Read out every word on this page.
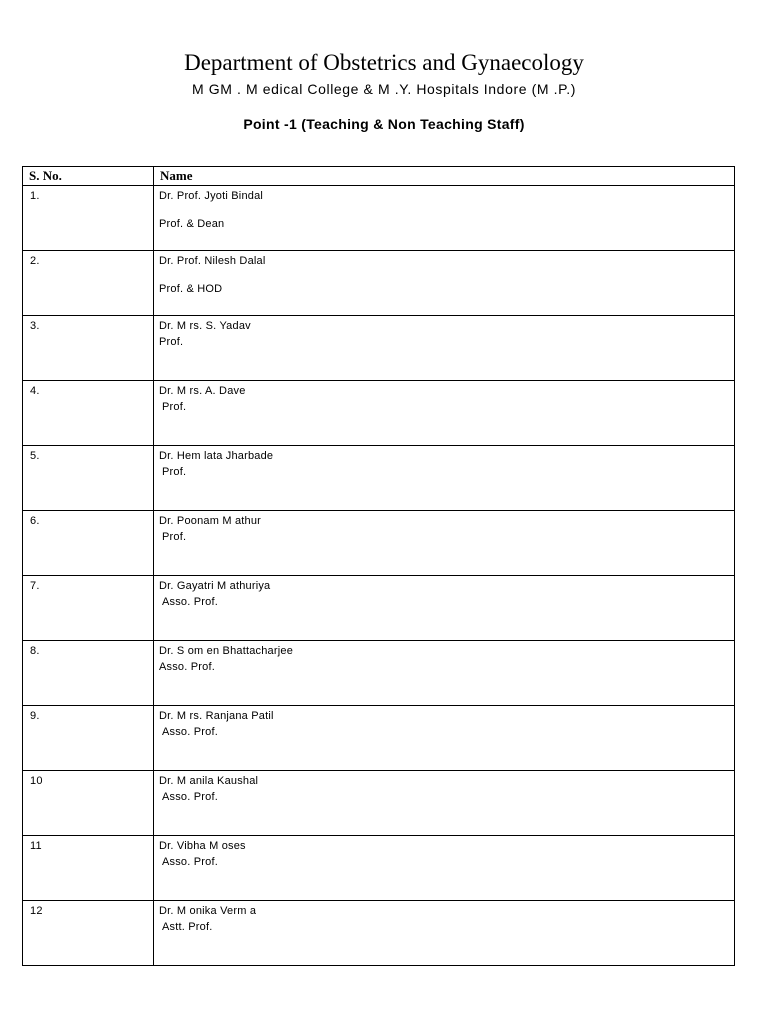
Department of Obstetrics and Gynaecology
M GM . M edical College & M .Y. Hospitals Indore (M .P.)
Point -1 (Teaching & Non Teaching Staff)
S. No.	Name
1.	Dr. Prof. Jyoti Bindal
Prof. & Dean

2.	Dr. Prof. Nilesh Dalal
Prof. & HOD

3.	Dr. M rs. S. Yadav
Prof.

4.	Dr. M rs. A. Dave
Prof.

5.	Dr. Hem lata Jharbade
Prof.

6.	Dr. Poonam M athur
Prof.

7.	Dr. Gayatri M athuriya
Asso. Prof.

8.	Dr. S om en Bhattacharjee
Asso. Prof.

9.	Dr. M rs. Ranjana Patil
Asso. Prof.

10	Dr. M anila Kaushal
Asso. Prof.

11	Dr. Vibha M oses
Asso. Prof.

12	Dr. M onika Verm a
Astt. Prof.
